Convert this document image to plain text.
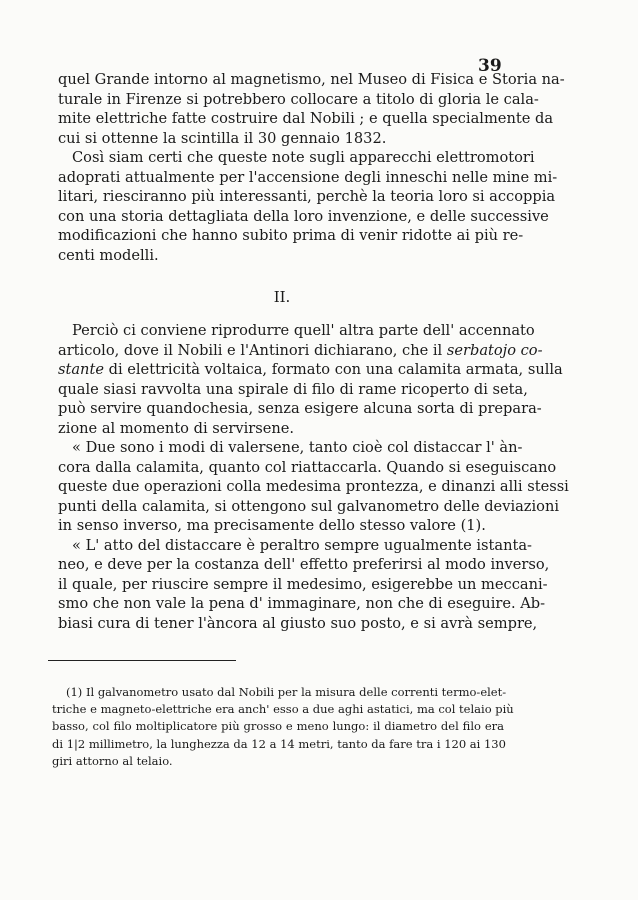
39
quel Grande intorno al magnetismo, nel Museo di Fisica e Storia na-
turale in Firenze si potrebbero collocare a titolo di gloria le cala-
mite elettriche fatte costruire dal Nobili ; e quella specialmente da
cui si ottenne la scintilla il 30 gennaio 1832.
Così siam certi che queste note sugli apparecchi elettromotori
adoprati attualmente per l'accensione degli inneschi nelle mine mi-
litari, riesciranno più interessanti, perchè la teoria loro si accoppia
con una storia dettagliata della loro invenzione, e delle successive
modificazioni che hanno subito prima di venir ridotte ai più re-
centi modelli.
II.
Perciò ci conviene riprodurre quell' altra parte dell' accennato
articolo, dove il Nobili e l'Antinori dichiarano, che il serbatojo co-
stante di elettricità voltaica, formato con una calamita armata, sulla
quale siasi ravvolta una spirale di filo di rame ricoperto di seta,
può servire quandochesia, senza esigere alcuna sorta di prepara-
zione al momento di servirsene.
« Due sono i modi di valersene, tanto cioè col distaccar l' àn-
cora dalla calamita, quanto col riattaccarla. Quando si eseguiscano
queste due operazioni colla medesima prontezza, e dinanzi alli stessi
punti della calamita, si ottengono sul galvanometro delle deviazioni
in senso inverso, ma precisamente dello stesso valore (1).
« L' atto del distaccare è peraltro sempre ugualmente istanta-
neo, e deve per la costanza dell' effetto preferirsi al modo inverso,
il quale, per riuscire sempre il medesimo, esigerebbe un meccani-
smo che non vale la pena d' immaginare, non che di eseguire. Ab-
biasi cura di tener l'àncora al giusto suo posto, e si avrà sempre,
(1) Il galvanometro usato dal Nobili per la misura delle correnti termo-elet-
triche e magneto-elettriche era anch' esso a due aghi astatici, ma col telaio più
basso, col filo moltiplicatore più grosso e meno lungo: il diametro del filo era
di 1|2 millimetro, la lunghezza da 12 a 14 metri, tanto da fare tra i 120 ai 130
giri attorno al telaio.
